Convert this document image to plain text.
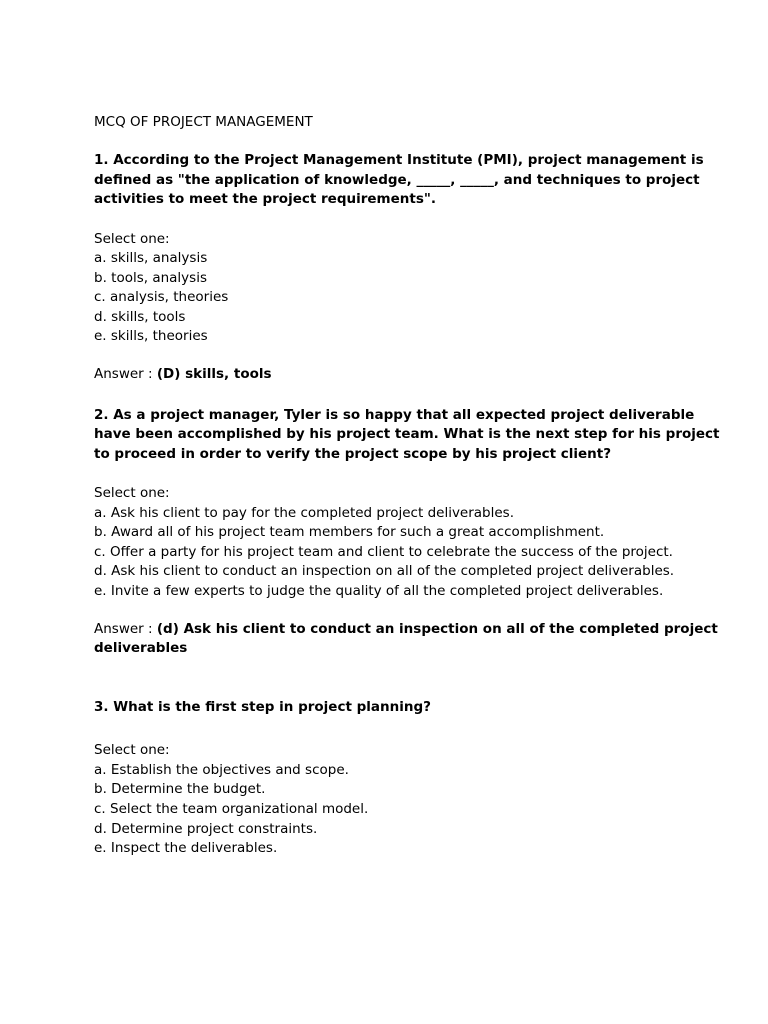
MCQ OF PROJECT MANAGEMENT

1. According to the Project Management Institute (PMI), project management is defined as "the application of knowledge, _____, _____, and techniques to project activities to meet the project requirements".

Select one:

a. skills, analysis
b. tools, analysis
c. analysis, theories
d. skills, tools
e. skills, theories

Answer : (D) skills, tools

2. As a project manager, Tyler is so happy that all expected project deliverable have been accomplished by his project team. What is the next step for his project to proceed in order to verify the project scope by his project client?

Select one:

a. Ask his client to pay for the completed project deliverables.
b. Award all of his project team members for such a great accomplishment.
c. Offer a party for his project team and client to celebrate the success of the project.
d. Ask his client to conduct an inspection on all of the completed project deliverables.
e. Invite a few experts to judge the quality of all the completed project deliverables.

Answer : (d) Ask his client to conduct an inspection on all of the completed project deliverables

3. What is the first step in project planning?

Select one:

a. Establish the objectives and scope.
b. Determine the budget.
c. Select the team organizational model.
d. Determine project constraints.
e. Inspect the deliverables.
